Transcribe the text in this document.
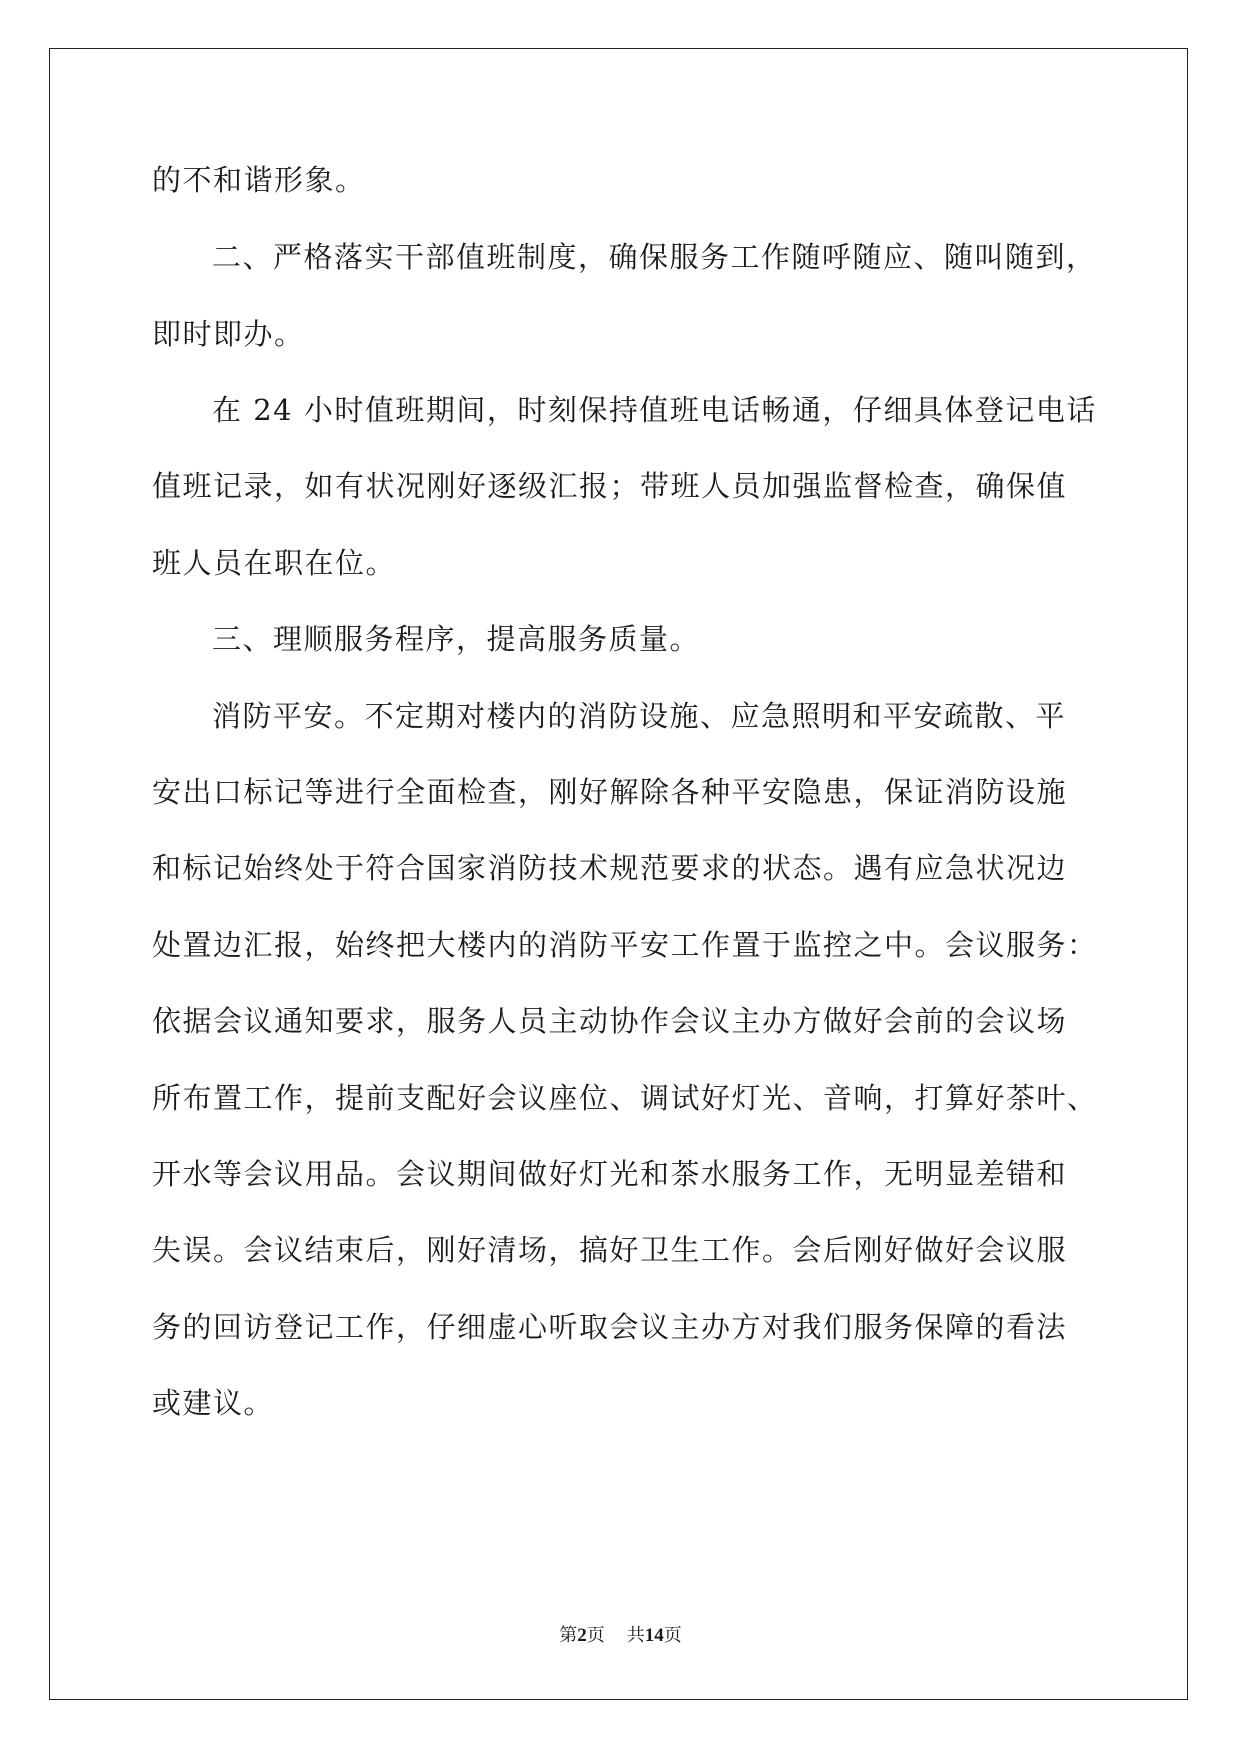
的不和谐形象。
二、严格落实干部值班制度，确保服务工作随呼随应、随叫随到，
即时即办。
在 24 小时值班期间，时刻保持值班电话畅通，仔细具体登记电话
值班记录，如有状况刚好逐级汇报；带班人员加强监督检查，确保值
班人员在职在位。
三、理顺服务程序，提高服务质量。
消防平安。不定期对楼内的消防设施、应急照明和平安疏散、平
安出口标记等进行全面检查，刚好解除各种平安隐患，保证消防设施
和标记始终处于符合国家消防技术规范要求的状态。遇有应急状况边
处置边汇报，始终把大楼内的消防平安工作置于监控之中。会议服务：
依据会议通知要求，服务人员主动协作会议主办方做好会前的会议场
所布置工作，提前支配好会议座位、调试好灯光、音响，打算好茶叶、
开水等会议用品。会议期间做好灯光和茶水服务工作，无明显差错和
失误。会议结束后，刚好清场，搞好卫生工作。会后刚好做好会议服
务的回访登记工作，仔细虚心听取会议主办方对我们服务保障的看法
或建议。
第2页 共14页
